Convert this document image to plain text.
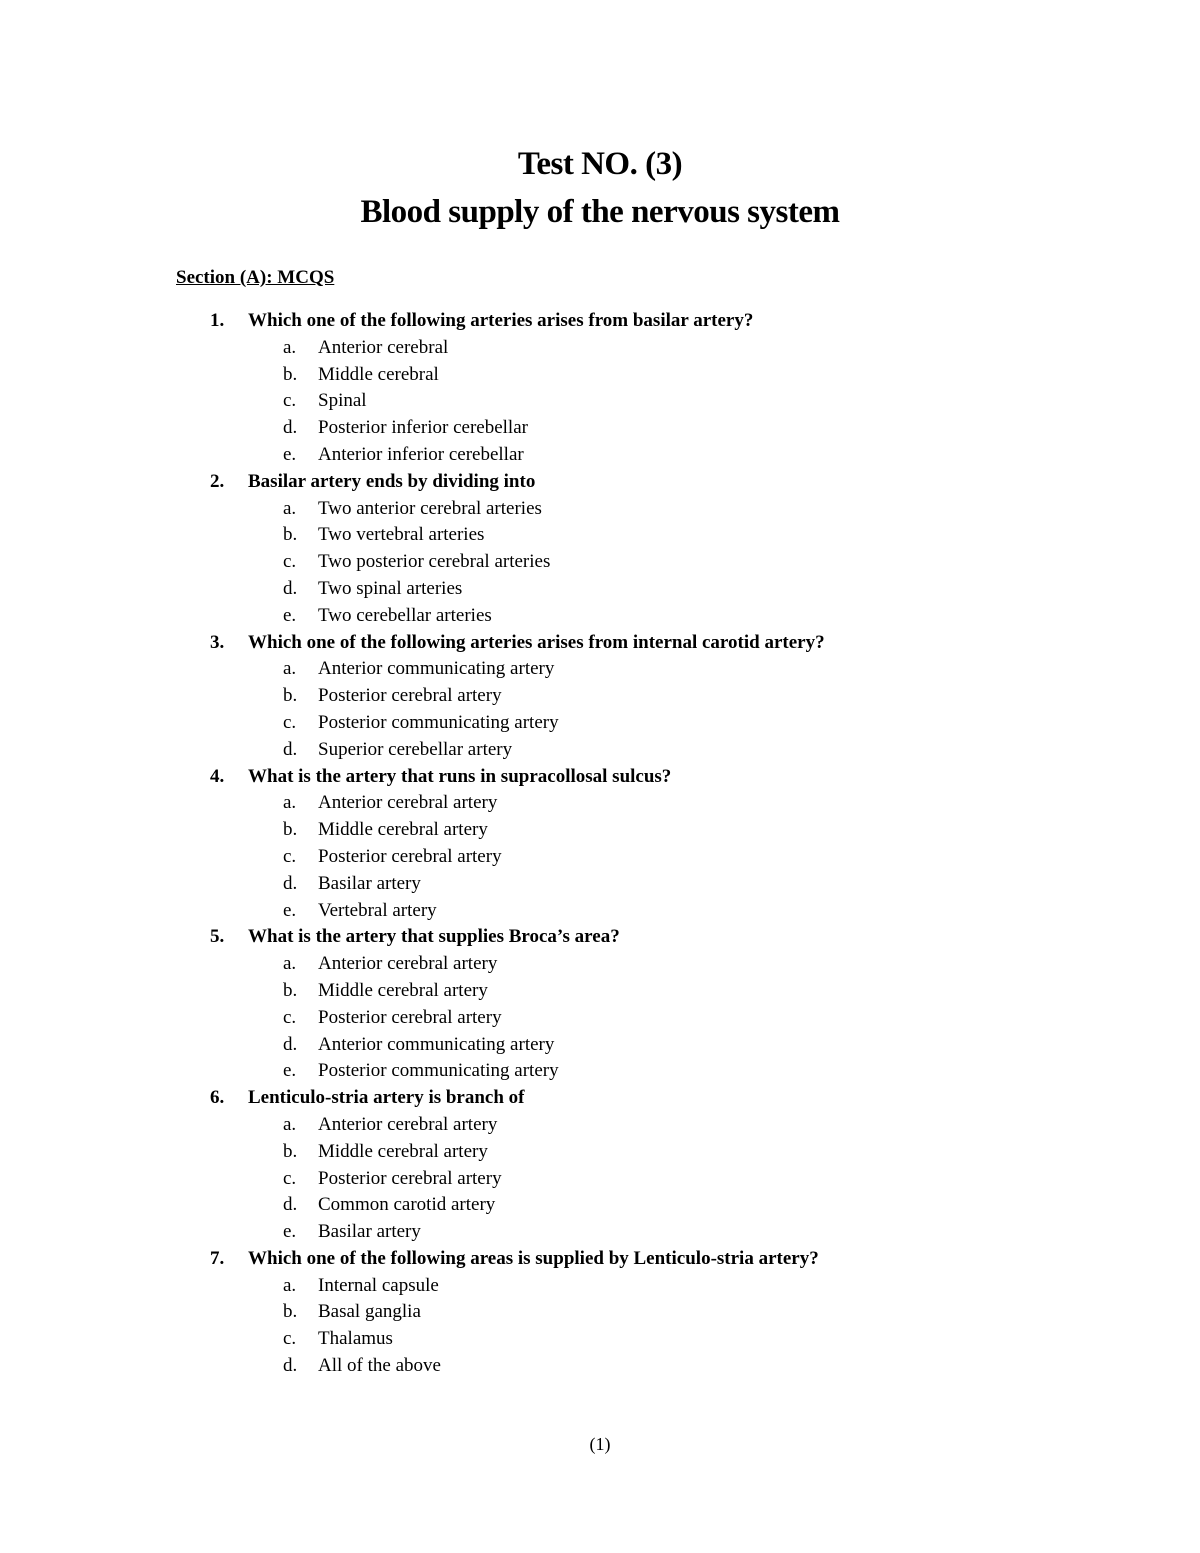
Test NO. (3)
Blood supply of the nervous system
Section (A): MCQS
1. Which one of the following arteries arises from basilar artery?
a. Anterior cerebral
b. Middle cerebral
c. Spinal
d. Posterior inferior cerebellar
e. Anterior inferior cerebellar
2. Basilar artery ends by dividing into
a. Two anterior cerebral arteries
b. Two vertebral arteries
c. Two posterior cerebral arteries
d. Two spinal arteries
e. Two cerebellar arteries
3. Which one of the following arteries arises from internal carotid artery?
a. Anterior communicating artery
b. Posterior cerebral artery
c. Posterior communicating artery
d. Superior cerebellar artery
4. What is the artery that runs in supracollosal sulcus?
a. Anterior cerebral artery
b. Middle cerebral artery
c. Posterior cerebral artery
d. Basilar artery
e. Vertebral artery
5. What is the artery that supplies Broca’s area?
a. Anterior cerebral artery
b. Middle cerebral artery
c. Posterior cerebral artery
d. Anterior communicating artery
e. Posterior communicating artery
6. Lenticulo-stria artery is branch of
a. Anterior cerebral artery
b. Middle cerebral artery
c. Posterior cerebral artery
d. Common carotid artery
e. Basilar artery
7. Which one of the following areas is supplied by Lenticulo-stria artery?
a. Internal capsule
b. Basal ganglia
c. Thalamus
d. All of the above
(1)
